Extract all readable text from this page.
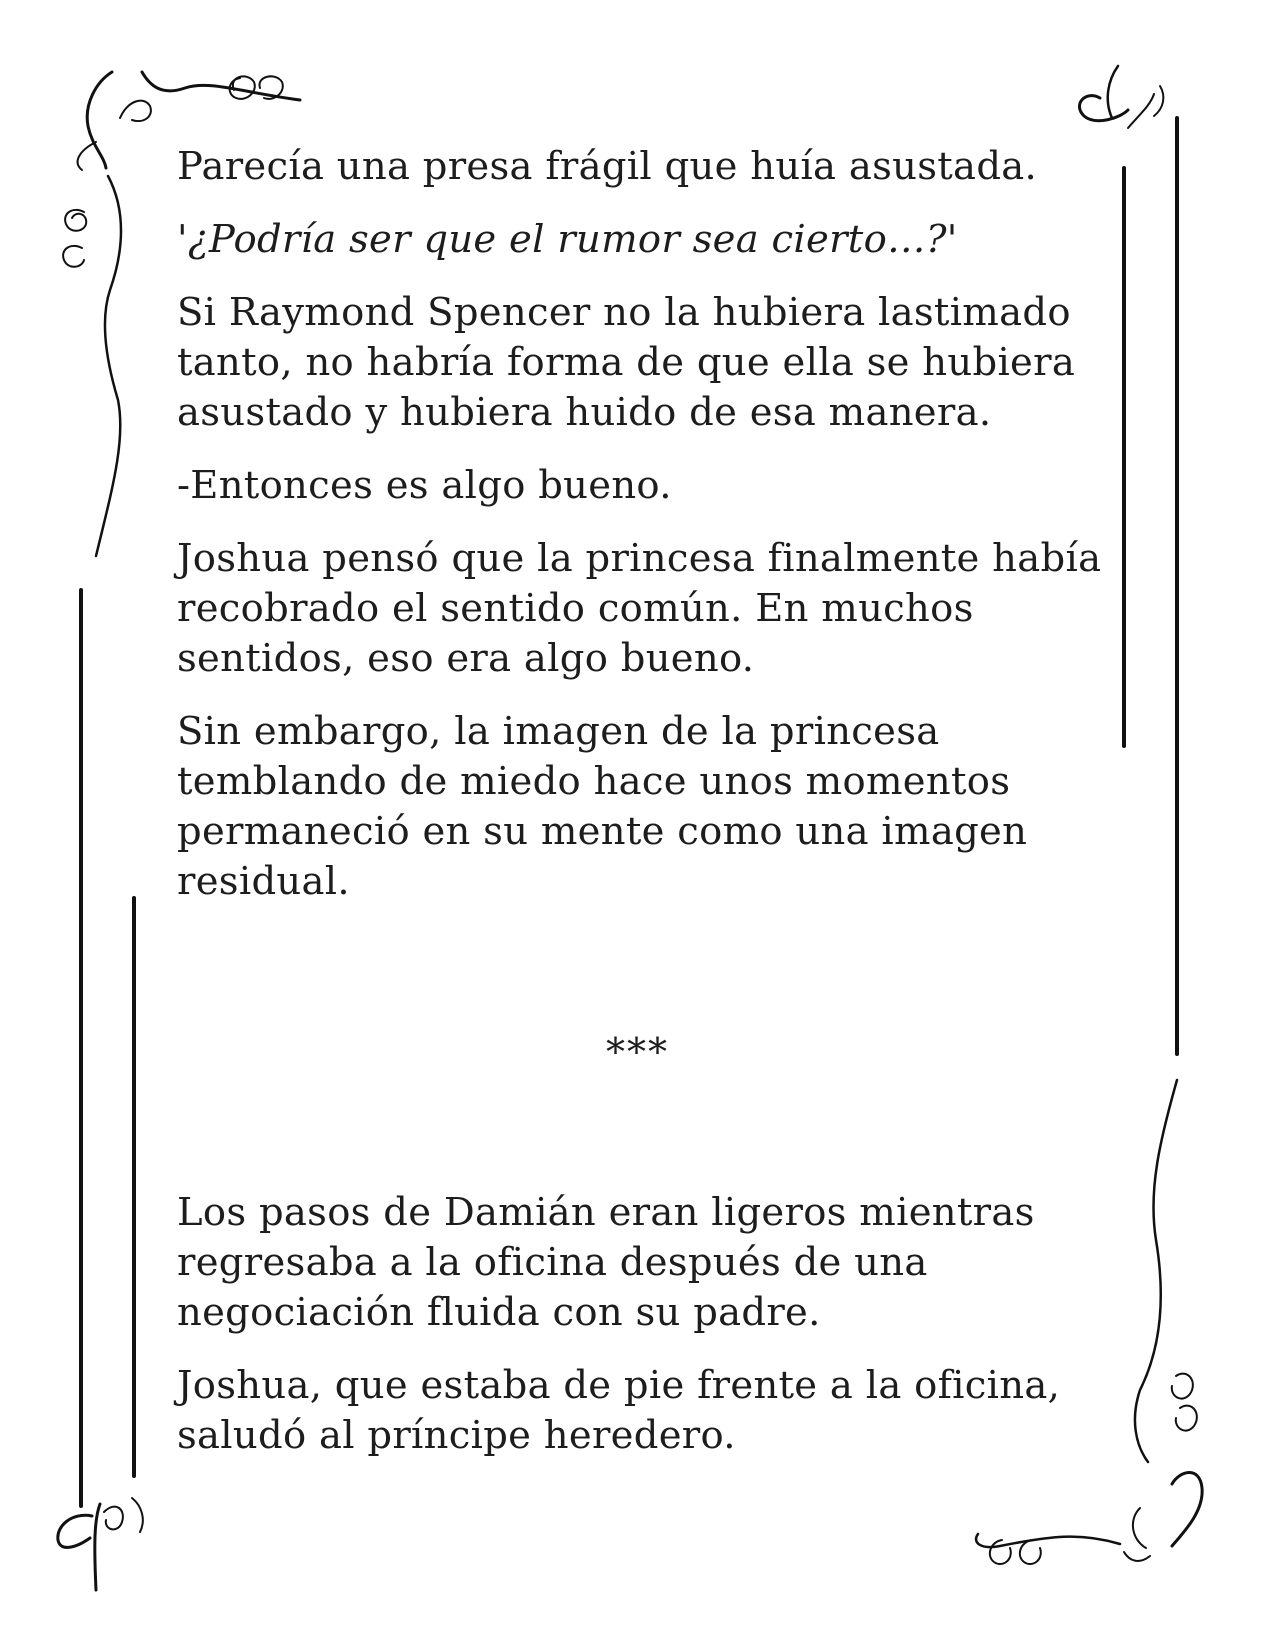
Parecía una presa frágil que huía asustada.

'¿Podría ser que el rumor sea cierto…?'

Si Raymond Spencer no la hubiera lastimado
tanto, no habría forma de que ella se hubiera
asustado y hubiera huido de esa manera.

-Entonces es algo bueno.

Joshua pensó que la princesa finalmente había
recobrado el sentido común. En muchos
sentidos, eso era algo bueno.

Sin embargo, la imagen de la princesa
temblando de miedo hace unos momentos
permaneció en su mente como una imagen
residual.

***

Los pasos de Damián eran ligeros mientras
regresaba a la oficina después de una
negociación fluida con su padre.

Joshua, que estaba de pie frente a la oficina,
saludó al príncipe heredero.
